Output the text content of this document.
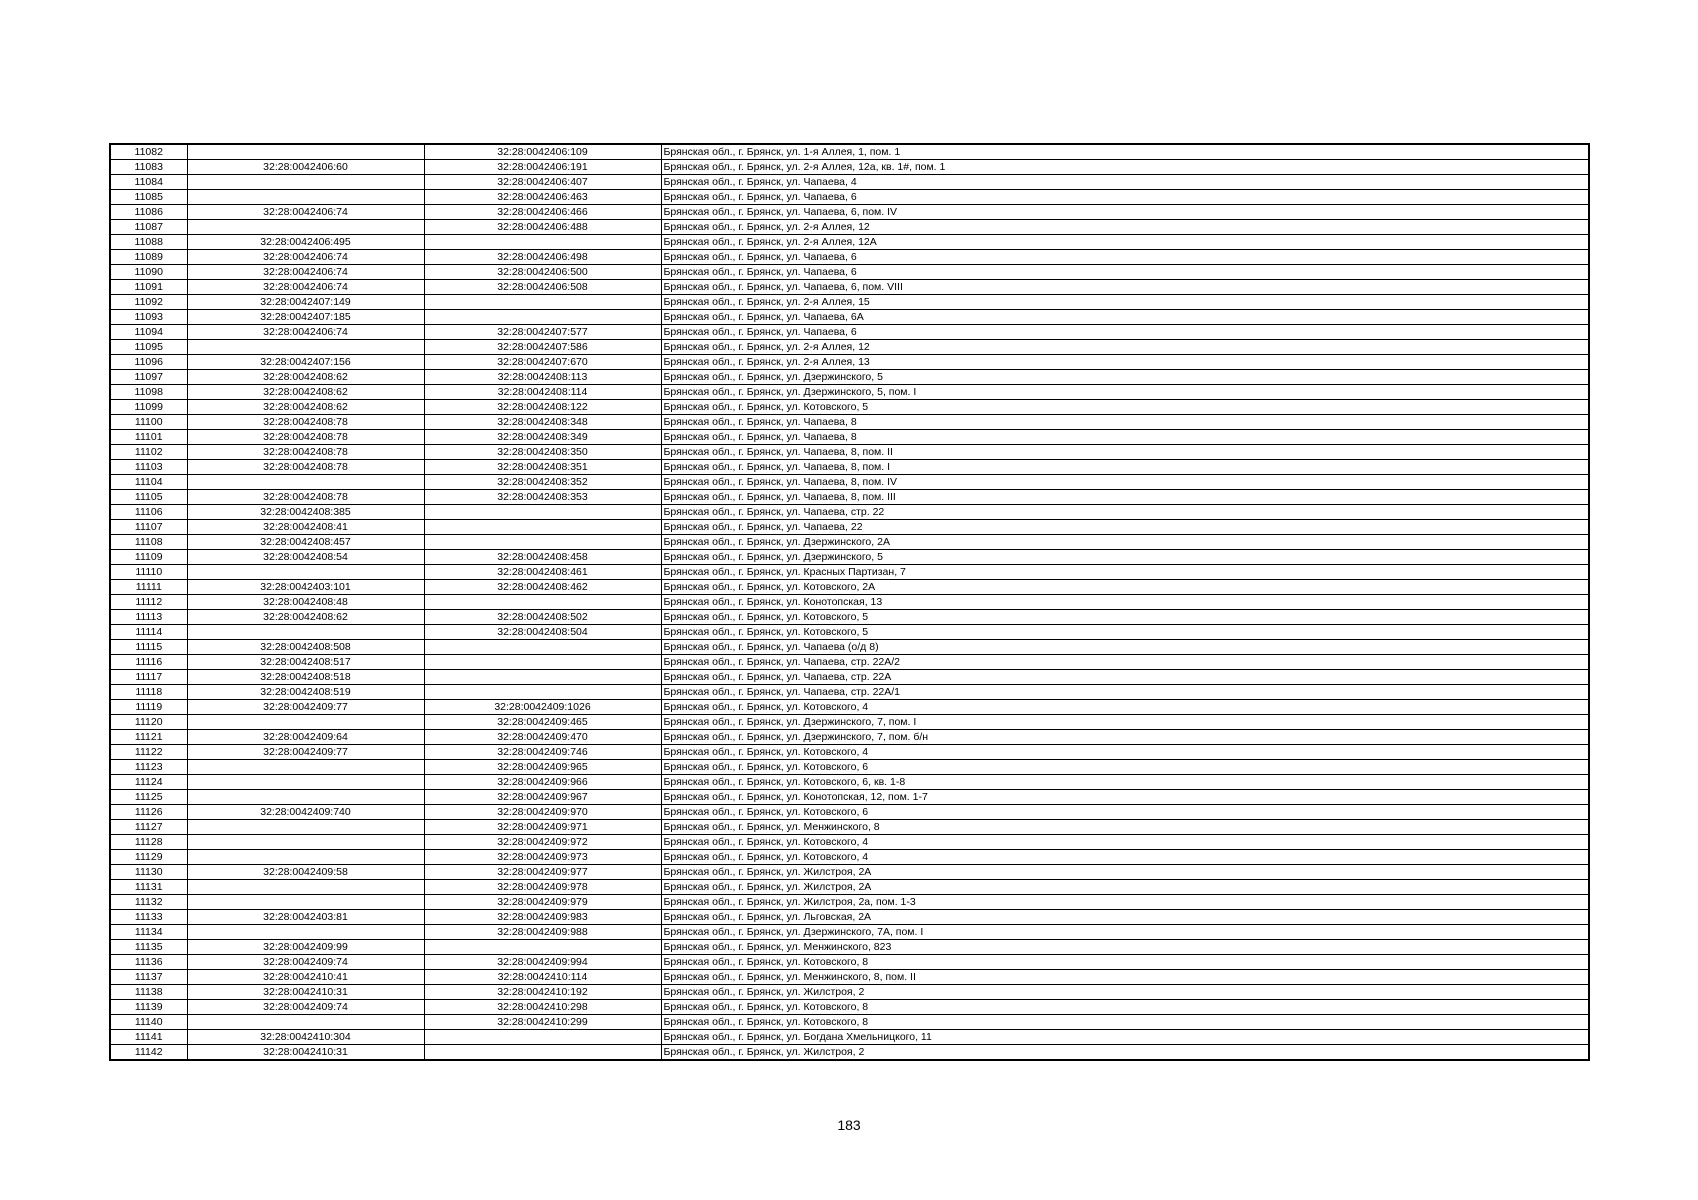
11082		32:28:0042406:109	Брянская обл., г. Брянск, ул. 1-я Аллея, 1, пом. 1
11083	32:28:0042406:60	32:28:0042406:191	Брянская обл., г. Брянск, ул. 2-я Аллея, 12а, кв. 1#, пом. 1
11084		32:28:0042406:407	Брянская обл., г. Брянск, ул. Чапаева, 4
11085		32:28:0042406:463	Брянская обл., г. Брянск, ул. Чапаева, 6
11086	32:28:0042406:74	32:28:0042406:466	Брянская обл., г. Брянск, ул. Чапаева, 6, пом. IV
11087		32:28:0042406:488	Брянская обл., г. Брянск, ул. 2-я Аллея, 12
11088	32:28:0042406:495		Брянская обл., г. Брянск, ул. 2-я Аллея, 12А
11089	32:28:0042406:74	32:28:0042406:498	Брянская обл., г. Брянск, ул. Чапаева, 6
11090	32:28:0042406:74	32:28:0042406:500	Брянская обл., г. Брянск, ул. Чапаева, 6
11091	32:28:0042406:74	32:28:0042406:508	Брянская обл., г. Брянск, ул. Чапаева, 6, пом. VIII
11092	32:28:0042407:149		Брянская обл., г. Брянск, ул. 2-я Аллея, 15
11093	32:28:0042407:185		Брянская обл., г. Брянск, ул. Чапаева, 6А
11094	32:28:0042406:74	32:28:0042407:577	Брянская обл., г. Брянск, ул. Чапаева, 6
11095		32:28:0042407:586	Брянская обл., г. Брянск, ул. 2-я Аллея, 12
11096	32:28:0042407:156	32:28:0042407:670	Брянская обл., г. Брянск, ул. 2-я Аллея, 13
11097	32:28:0042408:62	32:28:0042408:113	Брянская обл., г. Брянск, ул. Дзержинского, 5
11098	32:28:0042408:62	32:28:0042408:114	Брянская обл., г. Брянск, ул. Дзержинского, 5, пом. I
11099	32:28:0042408:62	32:28:0042408:122	Брянская обл., г. Брянск, ул. Котовского, 5
11100	32:28:0042408:78	32:28:0042408:348	Брянская обл., г. Брянск, ул. Чапаева, 8
11101	32:28:0042408:78	32:28:0042408:349	Брянская обл., г. Брянск, ул. Чапаева, 8
11102	32:28:0042408:78	32:28:0042408:350	Брянская обл., г. Брянск, ул. Чапаева, 8, пом. II
11103	32:28:0042408:78	32:28:0042408:351	Брянская обл., г. Брянск, ул. Чапаева, 8, пом. I
11104		32:28:0042408:352	Брянская обл., г. Брянск, ул. Чапаева, 8, пом. IV
11105	32:28:0042408:78	32:28:0042408:353	Брянская обл., г. Брянск, ул. Чапаева, 8, пом. III
11106	32:28:0042408:385		Брянская обл., г. Брянск, ул. Чапаева, стр. 22
11107	32:28:0042408:41		Брянская обл., г. Брянск, ул. Чапаева, 22
11108	32:28:0042408:457		Брянская обл., г. Брянск, ул. Дзержинского, 2А
11109	32:28:0042408:54	32:28:0042408:458	Брянская обл., г. Брянск, ул. Дзержинского, 5
11110		32:28:0042408:461	Брянская обл., г. Брянск, ул. Красных Партизан, 7
11111	32:28:0042403:101	32:28:0042408:462	Брянская обл., г. Брянск, ул. Котовского, 2А
11112	32:28:0042408:48		Брянская обл., г. Брянск, ул. Конотопская, 13
11113	32:28:0042408:62	32:28:0042408:502	Брянская обл., г. Брянск, ул. Котовского, 5
11114		32:28:0042408:504	Брянская обл., г. Брянск, ул. Котовского, 5
11115	32:28:0042408:508		Брянская обл., г. Брянск, ул. Чапаева (о/д 8)
11116	32:28:0042408:517		Брянская обл., г. Брянск, ул. Чапаева, стр. 22А/2
11117	32:28:0042408:518		Брянская обл., г. Брянск, ул. Чапаева, стр. 22А
11118	32:28:0042408:519		Брянская обл., г. Брянск, ул. Чапаева, стр. 22А/1
11119	32:28:0042409:77	32:28:0042409:1026	Брянская обл., г. Брянск, ул. Котовского, 4
11120		32:28:0042409:465	Брянская обл., г. Брянск, ул. Дзержинского, 7, пом. I
11121	32:28:0042409:64	32:28:0042409:470	Брянская обл., г. Брянск, ул. Дзержинского, 7, пом. б/н
11122	32:28:0042409:77	32:28:0042409:746	Брянская обл., г. Брянск, ул. Котовского, 4
11123		32:28:0042409:965	Брянская обл., г. Брянск, ул. Котовского, 6
11124		32:28:0042409:966	Брянская обл., г. Брянск, ул. Котовского, 6, кв. 1-8
11125		32:28:0042409:967	Брянская обл., г. Брянск, ул. Конотопская, 12, пом. 1-7
11126	32:28:0042409:740	32:28:0042409:970	Брянская обл., г. Брянск, ул. Котовского, 6
11127		32:28:0042409:971	Брянская обл., г. Брянск, ул. Менжинского, 8
11128		32:28:0042409:972	Брянская обл., г. Брянск, ул. Котовского, 4
11129		32:28:0042409:973	Брянская обл., г. Брянск, ул. Котовского, 4
11130	32:28:0042409:58	32:28:0042409:977	Брянская обл., г. Брянск, ул. Жилстроя, 2А
11131		32:28:0042409:978	Брянская обл., г. Брянск, ул. Жилстроя, 2А
11132		32:28:0042409:979	Брянская обл., г. Брянск, ул. Жилстроя, 2а, пом. 1-3
11133	32:28:0042403:81	32:28:0042409:983	Брянская обл., г. Брянск, ул. Льговская, 2А
11134		32:28:0042409:988	Брянская обл., г. Брянск, ул. Дзержинского, 7А, пом. I
11135	32:28:0042409:99		Брянская обл., г. Брянск, ул. Менжинского, 823
11136	32:28:0042409:74	32:28:0042409:994	Брянская обл., г. Брянск, ул. Котовского, 8
11137	32:28:0042410:41	32:28:0042410:114	Брянская обл., г. Брянск, ул. Менжинского, 8, пом. II
11138	32:28:0042410:31	32:28:0042410:192	Брянская обл., г. Брянск, ул. Жилстроя, 2
11139	32:28:0042409:74	32:28:0042410:298	Брянская обл., г. Брянск, ул. Котовского, 8
11140		32:28:0042410:299	Брянская обл., г. Брянск, ул. Котовского, 8
11141	32:28:0042410:304		Брянская обл., г. Брянск, ул. Богдана Хмельницкого, 11
11142	32:28:0042410:31		Брянская обл., г. Брянск, ул. Жилстроя, 2
183
